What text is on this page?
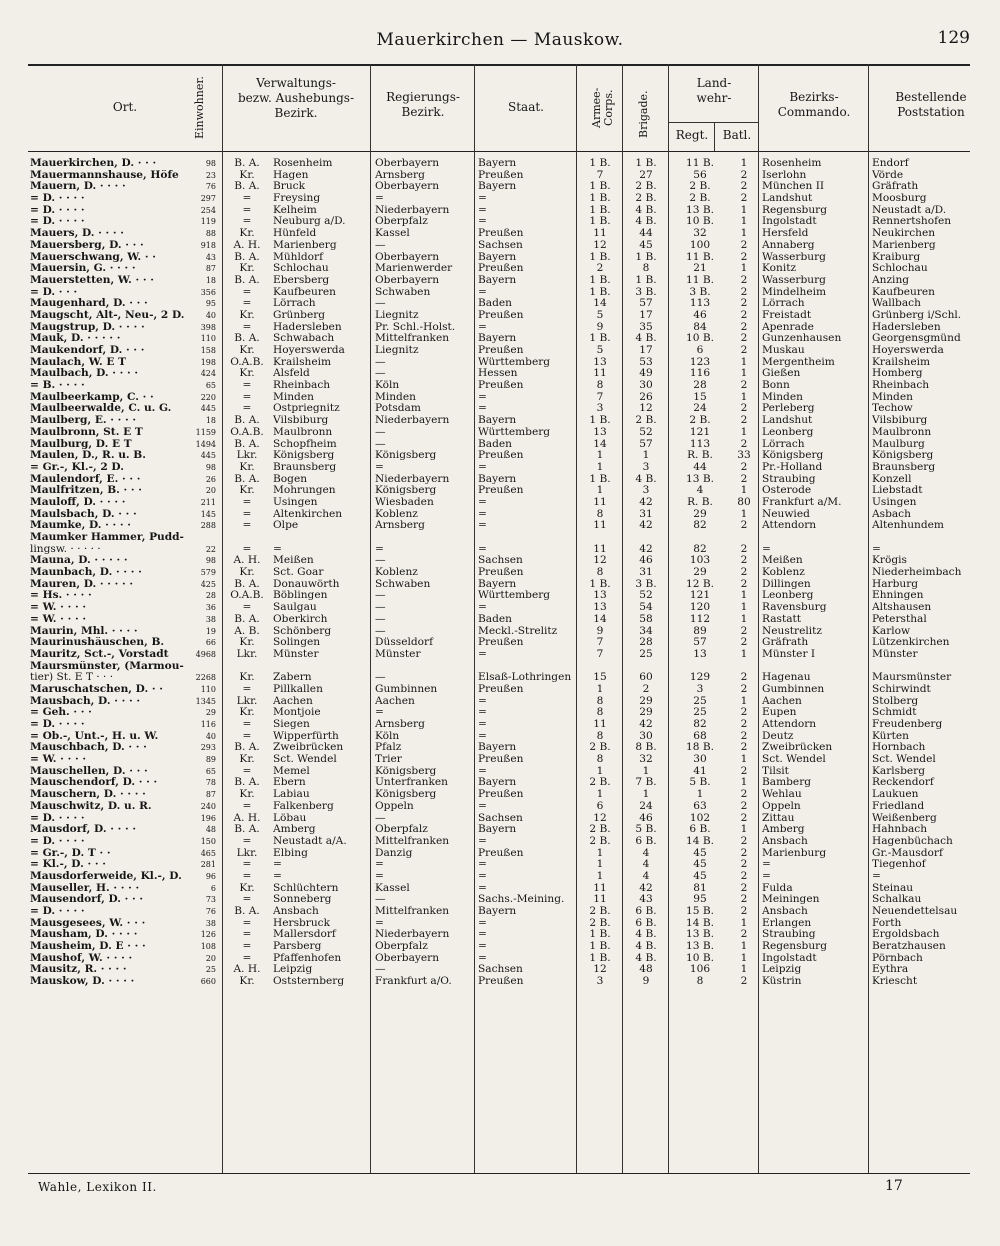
Mauerkirchen — Mauskow.	129
Ort.	Einwohner.	Verwaltungs-
bezw. Aushebungs-
Bezirk.
Regierungs-
Bezirk.	Staat.	Armee-Corps. Brigade.
Land-
wehr-
Regt.	Batl.
Bezirks-
Commando.
Bestellende
Poststation
Mauerkirchen, D. · · ·	98	B. A.	Rosenheim	Oberbayern	Bayern	1 B.	1 B.	11 B.	1	Rosenheim	Endorf
Mauermannshause, Höfe	23	Kr.	Hagen	Arnsberg	Preußen	7	27	56	2	Iserlohn	Vörde
Mauern, D. · · · ·	76	B. A.	Bruck	Oberbayern	Bayern	1 B.	2 B.	2 B.	2	München II	Gräfrath
= D. · · · ·	297	=	Freysing	=	=	1 B.	2 B.	2 B.	2	Landshut	Moosburg
= D. · · · ·	254	=	Kelheim	Niederbayern	=	1 B.	4 B.	13 B.	1	Regensburg	Neustadt a/D.
= D. · · · ·	119	=	Neuburg a/D.	Oberpfalz	=	1 B.	4 B.	10 B.	1	Ingolstadt	Rennertshofen
Mauers, D. · · · ·	88	Kr.	Hünfeld	Kassel	Preußen	11	44	32	1	Hersfeld	Neukirchen
Mauersberg, D. · · ·	918	A. H.	Marienberg	—	Sachsen	12	45	100	2	Annaberg	Marienberg
Mauerschwang, W. · ·	43	B. A.	Mühldorf	Oberbayern	Bayern	1 B.	1 B.	11 B.	2	Wasserburg	Kraiburg
Mauersin, G. · · · ·	87	Kr.	Schlochau	Marienwerder	Preußen	2	8	21	1	Konitz	Schlochau
Mauerstetten, W. · · ·	18	B. A.	Ebersberg	Oberbayern	Bayern	1 B.	1 B.	11 B.	2	Wasserburg	Anzing
= D. · · ·	356	=	Kaufbeuren	Schwaben	=	1 B.	3 B.	3 B.	2	Mindelheim	Kaufbeuren
Maugenhard, D. · · ·	95	=	Lörrach	—	Baden	14	57	113	2	Lörrach	Wallbach
Maugscht, Alt-, Neu-, 2 D.	40	Kr.	Grünberg	Liegnitz	Preußen	5	17	46	2	Freistadt	Grünberg i/Schl.
Maugstrup, D. · · · ·	398	=	Hadersleben	Pr. Schl.-Holst.	=	9	35	84	2	Apenrade	Hadersleben
Mauk, D. · · · · ·	110	B. A.	Schwabach	Mittelfranken	Bayern	1 B.	4 B.	10 B.	2	Gunzenhausen	Georgensgmünd
Maukendorf, D. · · ·	158	Kr.	Hoyerswerda	Liegnitz	Preußen	5	17	6	2	Muskau	Hoyerswerda
Maulach, W. E T	198	O.A.B. Krailsheim	—	Württemberg	13	53	123	1	Mergentheim	Krailsheim
Maulbach, D. · · · ·	424	Kr.	Alsfeld	—	Hessen	11	49	116	1	Gießen	Homberg
= B. · · · ·	65	=	Rheinbach	Köln	Preußen	8	30	28	2	Bonn	Rheinbach
Maulbeerkamp, C. · ·	220	=	Minden	Minden	=	7	26	15	1	Minden	Minden
Maulbeerwalde, C. u. G.	445	=	Ostpriegnitz	Potsdam	=	3	12	24	2	Perleberg	Techow
Maulberg, E. · · · ·	18	B. A.	Vilsbiburg	Niederbayern	Bayern	1 B.	2 B.	2 B.	2	Landshut	Vilsbiburg
Maulbronn, St. E T	1159	O.A.B. Maulbronn	—	Württemberg	13	52	121	1	Leonberg	Maulbronn
Maulburg, D. E T	1494	B. A.	Schopfheim	—	Baden	14	57	113	2	Lörrach	Maulburg
Maulen, D., R. u. B.	445	Lkr.	Königsberg	Königsberg	Preußen	1	1	R. B.	33	Königsberg	Königsberg
= Gr.-, Kl.-, 2 D.	98	Kr.	Braunsberg	=	=	1	3	44	2	Pr.-Holland	Braunsberg
Maulendorf, E. · · ·	26	B. A.	Bogen	Niederbayern	Bayern	1 B.	4 B.	13 B.	2	Straubing	Konzell
Maulfritzen, B. · · ·	20	Kr.	Mohrungen	Königsberg	Preußen	1	3	4	1	Osterode	Liebstadt
Mauloff, D. · · · ·	211	=	Usingen	Wiesbaden	=	11	42	R. B.	80	Frankfurt a/M.	Usingen
Maulsbach, D. · · ·	145	=	Altenkirchen	Koblenz	=	8	31	29	1	Neuwied	Asbach
Maumke, D. · · · ·	288	=	Olpe	Arnsberg	=	11	42	82	2	Attendorn	Altenhundem
Maumker Hammer, Pudd-
lingsw. · · · · ·	22	=	=	=	=	11	42	82	2	=	=
Mauna, D. · · · · ·	98	A. H.	Meißen	—	Sachsen	12	46	103	2	Meißen	Krögis
Maunbach, D. · · · ·	579	Kr.	Sct. Goar	Koblenz	Preußen	8	31	29	2	Koblenz	Niederheimbach
Mauren, D. · · · · ·	425	B. A.	Donauwörth	Schwaben	Bayern	1 B.	3 B.	12 B.	2	Dillingen	Harburg
= Hs. · · · ·	28	O.A.B. Böblingen	—	Württemberg	13	52	121	1	Leonberg	Ehningen
= W. · · · ·	36	=	Saulgau	—	=	13	54	120	1	Ravensburg	Altshausen
= W. · · · ·	38	B. A.	Oberkirch	—	Baden	14	58	112	1	Rastatt	Petersthal
Maurin, Mhl. · · · ·	19	A. B.	Schönberg	—	Meckl.-Strelitz	9	34	89	2	Neustrelitz	Karlow
Maurinushäuschen, B.	66	Kr.	Solingen	Düsseldorf	Preußen	7	28	57	2	Gräfrath	Lützenkirchen
Mauritz, Sct.-, Vorstadt	4968	Lkr.	Münster	Münster	=	7	25	13	1	Münster I	Münster
Maursmünster, (Marmou-
tier) St. E T · · ·	2268	Kr.	Zabern	—	Elsaß-Lothringen	15	60	129	2	Hagenau	Maursmünster
Maruschatschen, D. · ·	110	=	Pillkallen	Gumbinnen	Preußen	1	2	3	2	Gumbinnen	Schirwindt
Mausbach, D. · · · ·	1345	Lkr.	Aachen	Aachen	=	8	29	25	1	Aachen	Stolberg
= Geh. · · ·	29	Kr.	Montjoie	=	=	8	29	25	2	Eupen	Schmidt
= D. · · · ·	116	=	Siegen	Arnsberg	=	11	42	82	2	Attendorn	Freudenberg
= Ob.-, Unt.-, H. u. W.	40	=	Wipperfürth	Köln	=	8	30	68	2	Deutz	Kürten
Mauschbach, D. · · ·	293	B. A.	Zweibrücken	Pfalz	Bayern	2 B.	8 B.	18 B.	2	Zweibrücken	Hornbach
= W. · · · ·	89	Kr.	Sct. Wendel	Trier	Preußen	8	32	30	1	Sct. Wendel	Sct. Wendel
Mauschellen, D. · · ·	65	=	Memel	Königsberg	=	1	1	41	2	Tilsit	Karlsberg
Mauschendorf, D. · · ·	78	B. A.	Ebern	Unterfranken	Bayern	2 B.	7 B.	5 B.	1	Bamberg	Reckendorf
Mauschern, D. · · · ·	87	Kr.	Labiau	Königsberg	Preußen	1	1	1	2	Wehlau	Laukuen
Mauschwitz, D. u. R.	240	=	Falkenberg	Oppeln	=	6	24	63	2	Oppeln	Friedland
= D. · · · ·	196	A. H.	Löbau	—	Sachsen	12	46	102	2	Zittau	Weißenberg
Mausdorf, D. · · · ·	48	B. A.	Amberg	Oberpfalz	Bayern	2 B.	5 B.	6 B.	1	Amberg	Hahnbach
= D. · · · ·	150	=	Neustadt a/A.	Mittelfranken	=	2 B.	6 B.	14 B.	2	Ansbach	Hagenbüchach
= Gr.-, D. T · ·	465	Lkr.	Elbing	Danzig	Preußen	1	4	45	2	Marienburg	Gr.-Mausdorf
= Kl.-, D. · · ·	281	=	=	=	=	1	4	45	2	=	Tiegenhof
Mausdorferweide, Kl.-, D.	96	=	=	=	=	1	4	45	2	=	=
Mauseller, H. · · · ·	6	Kr.	Schlüchtern	Kassel	=	11	42	81	2	Fulda	Steinau
Mausendorf, D. · · ·	73	=	Sonneberg	—	Sachs.-Meining.	11	43	95	2	Meiningen	Schalkau
= D. · · · ·	76	B. A.	Ansbach	Mittelfranken	Bayern	2 B.	6 B.	15 B.	2	Ansbach	Neuendettelsau
Mausgesees, W. · · ·	38	=	Hersbruck	=	=	2 B.	6 B.	14 B.	1	Erlangen	Forth
Mausham, D. · · · ·	126	=	Mallersdorf	Niederbayern	=	1 B.	4 B.	13 B.	2	Straubing	Ergoldsbach
Mausheim, D. E · · ·	108	=	Parsberg	Oberpfalz	=	1 B.	4 B.	13 B.	1	Regensburg	Beratzhausen
Maushof, W. · · · ·	20	=	Pfaffenhofen	Oberbayern	=	1 B.	4 B.	10 B.	1	Ingolstadt	Pörnbach
Mausitz, R. · · · ·	25	A. H.	Leipzig	—	Sachsen	12	48	106	1	Leipzig	Eythra
Mauskow, D. · · · ·	660	Kr.	Oststernberg	Frankfurt a/O.	Preußen	3	9	8	2	Küstrin	Kriescht
Wahle, Lexikon II.	17
